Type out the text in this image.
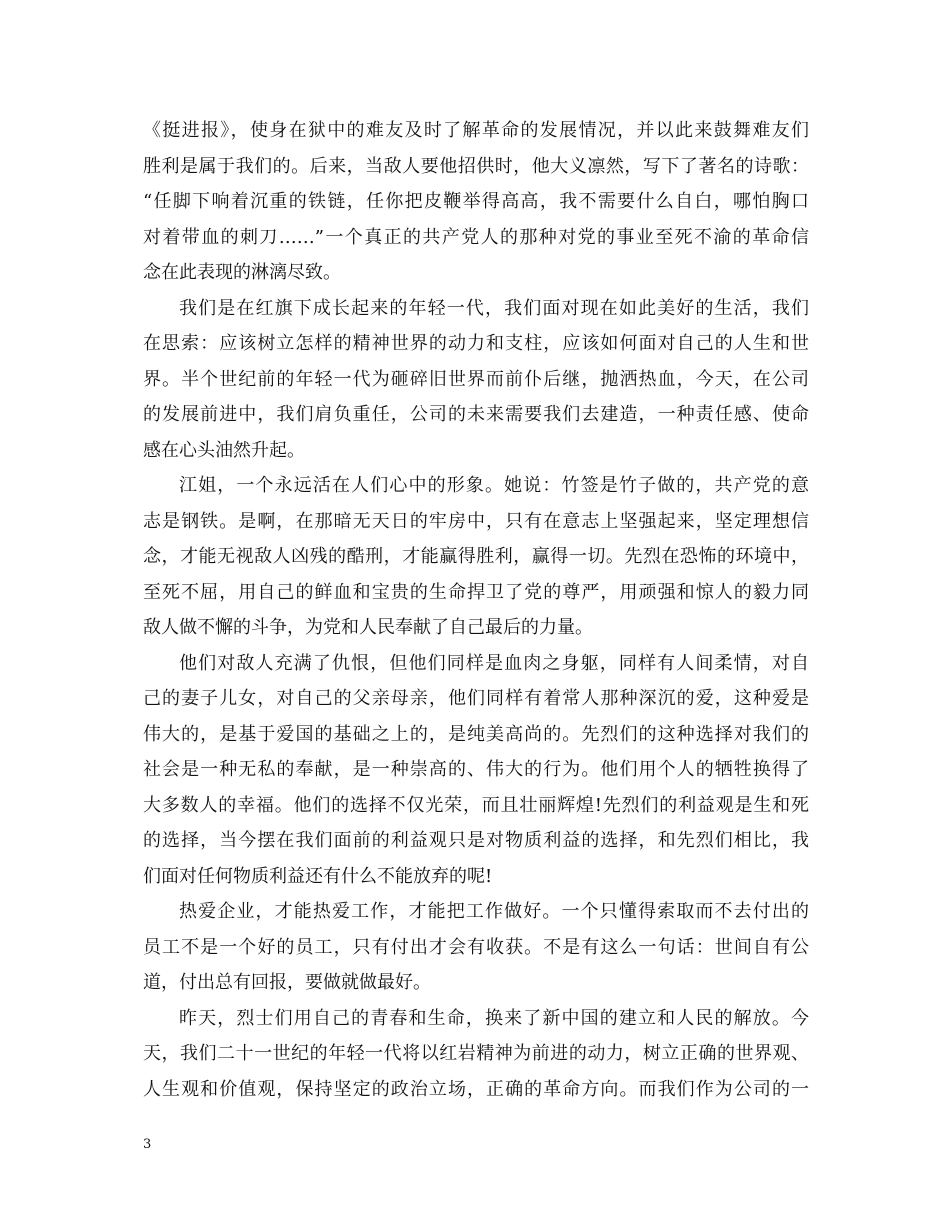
《挺进报》，使身在狱中的难友及时了解革命的发展情况，并以此来鼓舞难友们
胜利是属于我们的。后来，当敌人要他招供时，他大义凛然，写下了著名的诗歌：
“任脚下响着沉重的铁链，任你把皮鞭举得高高，我不需要什么自白，哪怕胸口
对着带血的刺刀……”一个真正的共产党人的那种对党的事业至死不渝的革命信
念在此表现的淋漓尽致。
我们是在红旗下成长起来的年轻一代，我们面对现在如此美好的生活，我们
在思索：应该树立怎样的精神世界的动力和支柱，应该如何面对自己的人生和世
界。半个世纪前的年轻一代为砸碎旧世界而前仆后继，抛洒热血，今天，在公司
的发展前进中，我们肩负重任，公司的未来需要我们去建造，一种责任感、使命
感在心头油然升起。
江姐，一个永远活在人们心中的形象。她说：竹签是竹子做的，共产党的意
志是钢铁。是啊，在那暗无天日的牢房中，只有在意志上坚强起来，坚定理想信
念，才能无视敌人凶残的酷刑，才能赢得胜利，赢得一切。先烈在恐怖的环境中，
至死不屈，用自己的鲜血和宝贵的生命捍卫了党的尊严，用顽强和惊人的毅力同
敌人做不懈的斗争，为党和人民奉献了自己最后的力量。
他们对敌人充满了仇恨，但他们同样是血肉之身躯，同样有人间柔情，对自
己的妻子儿女，对自己的父亲母亲，他们同样有着常人那种深沉的爱，这种爱是
伟大的，是基于爱国的基础之上的，是纯美高尚的。先烈们的这种选择对我们的
社会是一种无私的奉献，是一种崇高的、伟大的行为。他们用个人的牺牲换得了
大多数人的幸福。他们的选择不仅光荣，而且壮丽辉煌!先烈们的利益观是生和死
的选择，当今摆在我们面前的利益观只是对物质利益的选择，和先烈们相比，我
们面对任何物质利益还有什么不能放弃的呢!
热爱企业，才能热爱工作，才能把工作做好。一个只懂得索取而不去付出的
员工不是一个好的员工，只有付出才会有收获。不是有这么一句话：世间自有公
道，付出总有回报，要做就做最好。
昨天，烈士们用自己的青春和生命，换来了新中国的建立和人民的解放。今
天，我们二十一世纪的年轻一代将以红岩精神为前进的动力，树立正确的世界观、
人生观和价值观，保持坚定的政治立场，正确的革命方向。而我们作为公司的一
3
